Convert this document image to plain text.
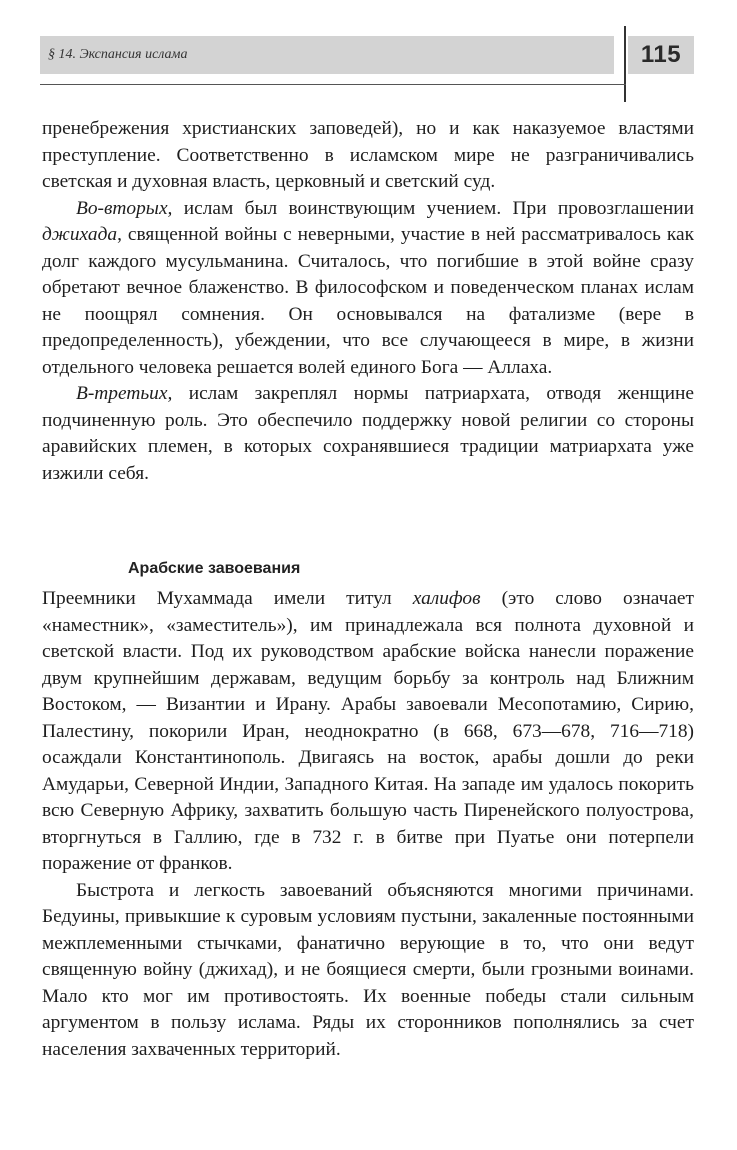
§ 14. Экспансия ислама	115

пренебрежения христианских заповедей), но и как наказуемое властями преступление. Соответственно в исламском мире не разграничивались светская и духовная власть, церковный и светский суд.

Во-вторых, ислам был воинствующим учением. При провозглашении джихада, священной войны с неверными, участие в ней рассматривалось как долг каждого мусульманина. Считалось, что погибшие в этой войне сразу обретают вечное блаженство. В философском и поведенческом планах ислам не поощрял сомнения. Он основывался на фатализме (вере в предопределенность), убеждении, что все случающееся в мире, в жизни отдельного человека решается волей единого Бога — Аллаха.

В-третьих, ислам закреплял нормы патриархата, отводя женщине подчиненную роль. Это обеспечило поддержку новой религии со стороны аравийских племен, в которых сохранявшиеся традиции матриархата уже изжили себя.

Арабские завоевания

Преемники Мухаммада имели титул халифов (это слово означает «наместник», «заместитель»), им принадлежала вся полнота духовной и светской власти. Под их руководством арабские войска нанесли поражение двум крупнейшим державам, ведущим борьбу за контроль над Ближним Востоком, — Византии и Ирану. Арабы завоевали Месопотамию, Сирию, Палестину, покорили Иран, неоднократно (в 668, 673—678, 716—718) осаждали Константинополь. Двигаясь на восток, арабы дошли до реки Амударьи, Северной Индии, Западного Китая. На западе им удалось покорить всю Северную Африку, захватить большую часть Пиренейского полуострова, вторгнуться в Галлию, где в 732 г. в битве при Пуатье они потерпели поражение от франков.

Быстрота и легкость завоеваний объясняются многими причинами. Бедуины, привыкшие к суровым условиям пустыни, закаленные постоянными межплеменными стычками, фанатично верующие в то, что они ведут священную войну (джихад), и не боящиеся смерти, были грозными воинами. Мало кто мог им противостоять. Их военные победы стали сильным аргументом в пользу ислама. Ряды их сторонников пополнялись за счет населения захваченных территорий.
